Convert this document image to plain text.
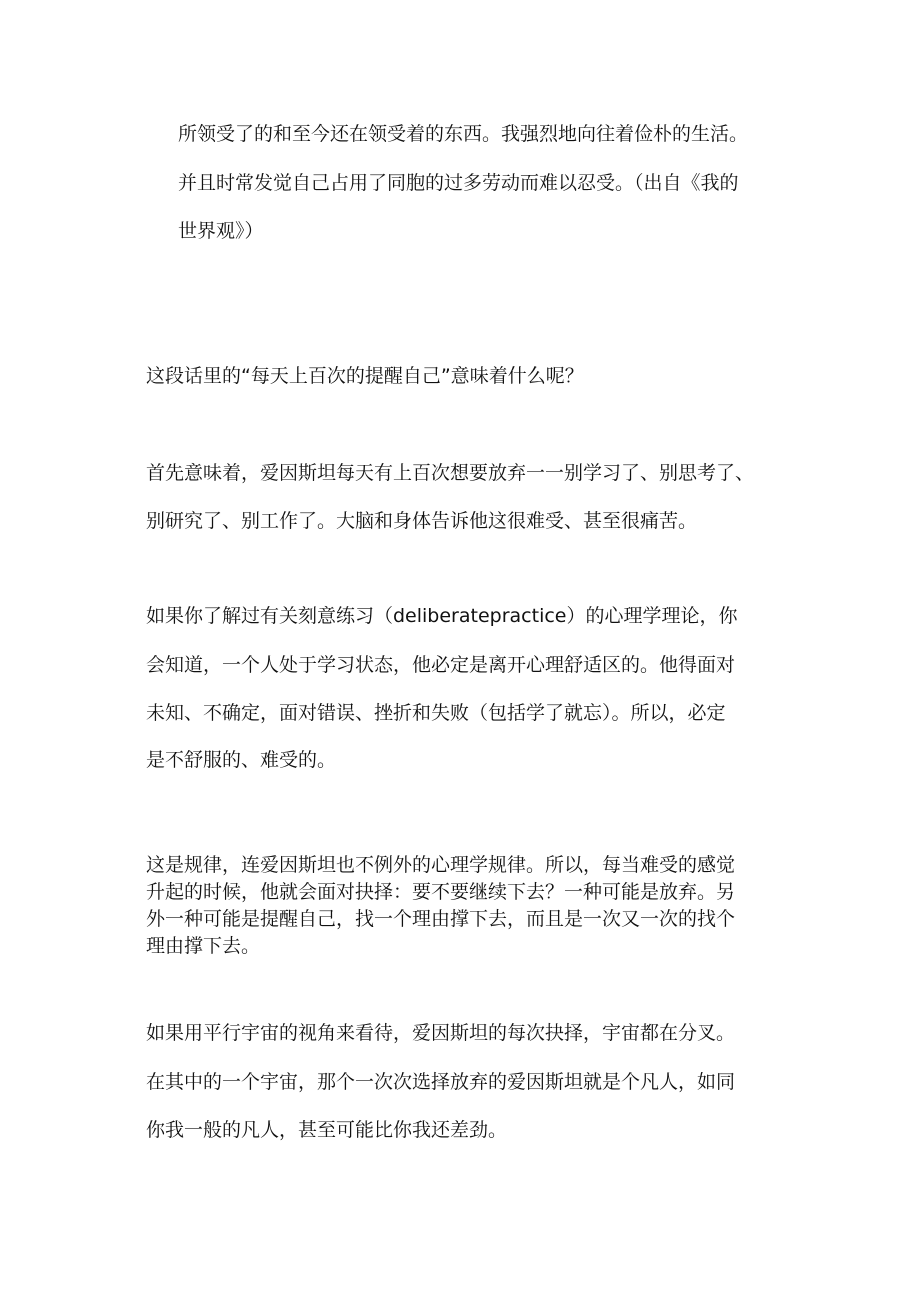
所领受了的和至今还在领受着的东西。我强烈地向往着俭朴的生活。
并且时常发觉自己占用了同胞的过多劳动而难以忍受。（出自《我的
世界观》）
这段话里的“每天上百次的提醒自己”意味着什么呢？
首先意味着，爱因斯坦每天有上百次想要放弃一一别学习了、别思考了、
别研究了、别工作了。大脑和身体告诉他这很难受、甚至很痛苦。
如果你了解过有关刻意练习（deliberatepractice）的心理学理论，你
会知道，一个人处于学习状态，他必定是离开心理舒适区的。他得面对
未知、不确定，面对错误、挫折和失败（包括学了就忘）。所以，必定
是不舒服的、难受的。
这是规律，连爱因斯坦也不例外的心理学规律。所以，每当难受的感觉
升起的时候，他就会面对抉择：要不要继续下去？一种可能是放弃。另
外一种可能是提醒自己，找一个理由撑下去，而且是一次又一次的找个
理由撑下去。
如果用平行宇宙的视角来看待，爱因斯坦的每次抉择，宇宙都在分叉。
在其中的一个宇宙，那个一次次选择放弃的爱因斯坦就是个凡人，如同
你我一般的凡人，甚至可能比你我还差劲。
